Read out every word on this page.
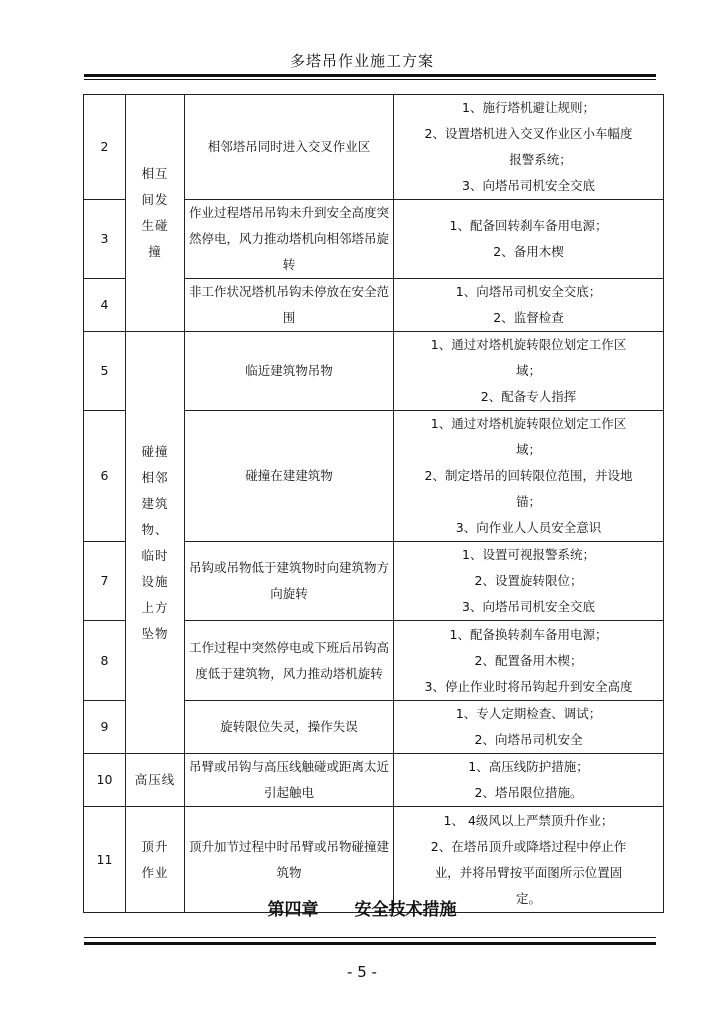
多塔吊作业施工方案
2	相互间发生碰撞	相邻塔吊同时进入交叉作业区	1、施行塔机避让规则；
2、设置塔机进入交叉作业区小车幅度
报警系统；
3、向塔吊司机安全交底

3		作业过程塔吊吊钩未升到安全高度突然停电，风力推动塔机向相邻塔吊旋转	1、配备回转刹车备用电源；
2、备用木楔

4		非工作状况塔机吊钩未停放在安全范围	1、向塔吊司机安全交底；
2、监督检查

5	碰撞相邻建筑物、临时设施上方坠物	临近建筑物吊物	1、通过对塔机旋转限位划定工作区
域；
2、配备专人指挥

6		碰撞在建建筑物	1、通过对塔机旋转限位划定工作区
域；
2、制定塔吊的回转限位范围，并设地
锚；
3、向作业人人员安全意识

7		吊钩或吊物低于建筑物时向建筑物方向旋转	1、设置可视报警系统；
2、设置旋转限位；
3、向塔吊司机安全交底

8		工作过程中突然停电或下班后吊钩高度低于建筑物，风力推动塔机旋转	1、配备换转刹车备用电源；
2、配置备用木楔；
3、停止作业时将吊钩起升到安全高度

9		旋转限位失灵，操作失误	1、专人定期检查、调试；
2、向塔吊司机安全

10	高压线	吊臂或吊钩与高压线触碰或距离太近引起触电	1、高压线防护措施；
2、塔吊限位措施。

11	顶升作业	顶升加节过程中时吊臂或吊物碰撞建筑物	1、 4级风以上严禁顶升作业；
2、在塔吊顶升或降塔过程中停止作
业，并将吊臂按平面图所示位置固
定。
第四章 安全技术措施
- 5 -
